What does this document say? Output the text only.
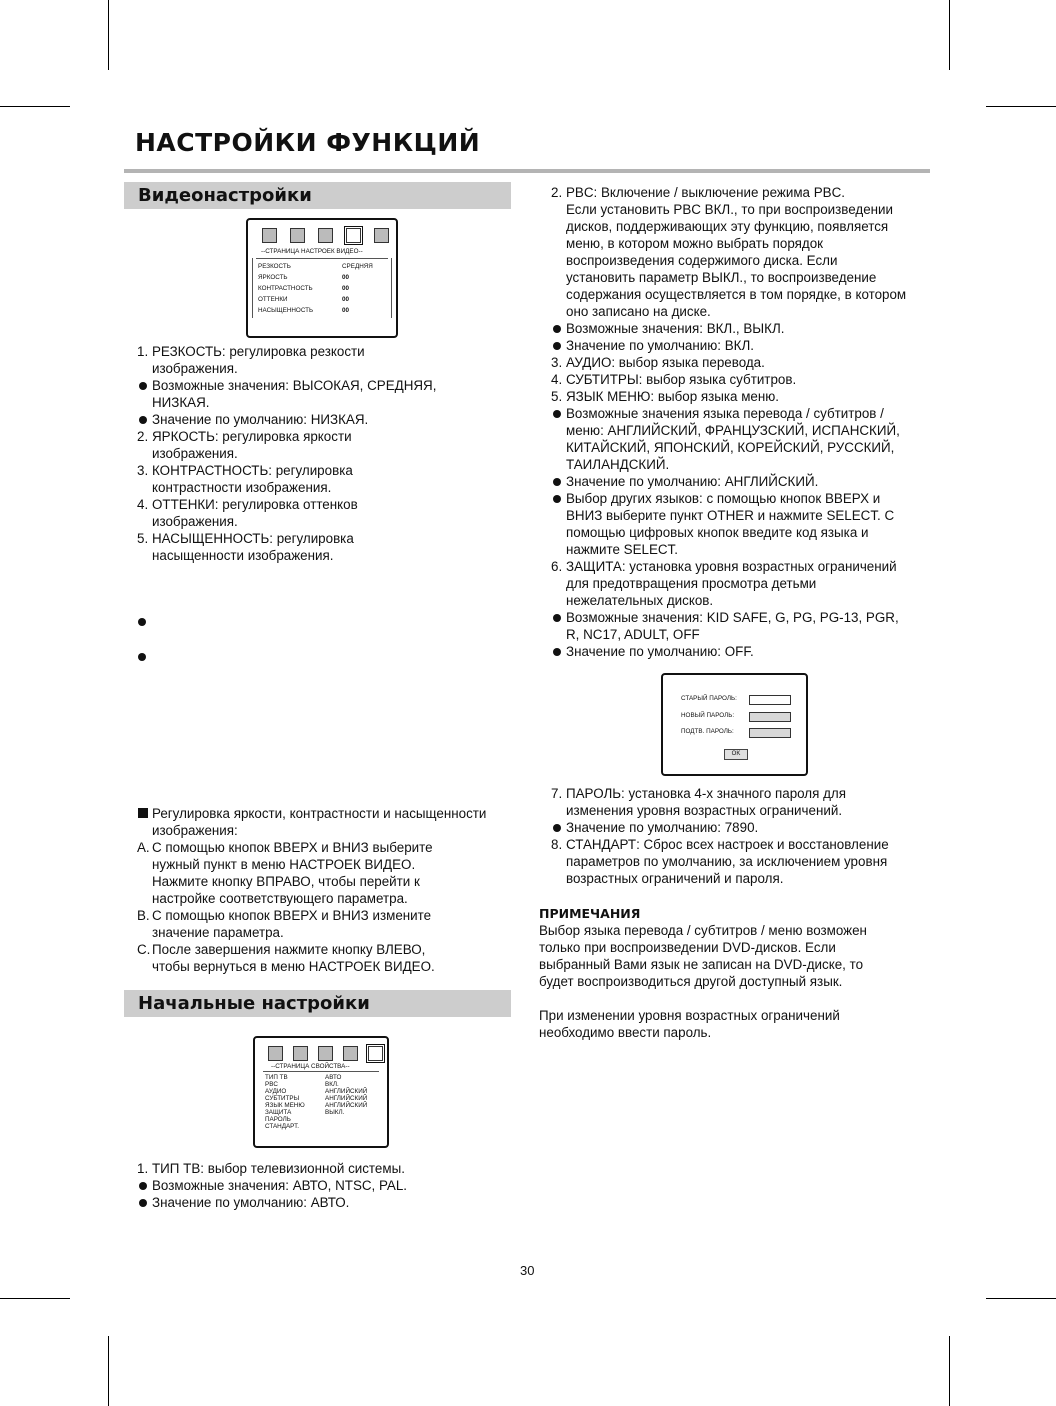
НАСТРОЙКИ ФУНКЦИЙ
Видеонастройки
--СТРАНИЦА НАСТРОЕК ВИДЕО--
РЕЗКОСТЬ	СРЕДНЯЯ
ЯРКОСТЬ	00
КОНТРАСТНОСТЬ	00
ОТТЕНКИ	00
НАСЫЩЕННОСТЬ	00
1. РЕЗКОСТЬ: регулировка резкости

изображения.

Возможные значения: ВЫСОКАЯ, СРЕДНЯЯ,

НИЗКАЯ.

Значение по умолчанию: НИЗКАЯ.

2. ЯРКОСТЬ: регулировка яркости

изображения.

3. КОНТРАСТНОСТЬ: регулировка

контрастности изображения.

4. ОТТЕНКИ: регулировка оттенков

изображения.

5. НАСЫЩЕННОСТЬ: регулировка

насыщенности изображения.

Регулировка яркости, контрастности и насыщенности

изображения:

A. С помощью кнопок ВВЕРХ и ВНИЗ выберите

нужный пункт в меню НАСТРОЕК ВИДЕО.

Нажмите кнопку ВПРАВО, чтобы перейти к

настройке соответствующего параметра.

B. С помощью кнопок ВВЕРХ и ВНИЗ измените

значение параметра.

C. После завершения нажмите кнопку ВЛЕВО,

чтобы вернуться в меню НАСТРОЕК ВИДЕО.

Начальные настройки
--СТРАНИЦА СВОЙСТВА--
ТИП ТВ	АВТО
PBC	ВКЛ.
АУДИО	АНГЛИЙСКИЙ
СУБТИТРЫ	АНГЛИЙСКИЙ
ЯЗЫК МЕНЮ	АНГЛИЙСКИЙ
ЗАЩИТА	ВЫКЛ.
ПАРОЛЬ
СТАНДАРТ.
1. ТИП ТВ: выбор телевизионной системы.

Возможные значения: АВТО, NTSC, PAL.

Значение по умолчанию: АВТО.

2. PBC: Включение / выключение режима PBC.

Если установить PBC ВКЛ., то при воспроизведении

дисков, поддерживающих эту функцию, появляется

меню, в котором можно выбрать порядок

воспроизведения содержимого диска. Если

установить параметр ВЫКЛ., то воспроизведение

содержания осуществляется в том порядке, в котором

оно записано на диске.

Возможные значения: ВКЛ., ВЫКЛ.

Значение по умолчанию: ВКЛ.

3. АУДИО: выбор языка перевода.

4. СУБТИТРЫ: выбор языка субтитров.

5. ЯЗЫК МЕНЮ: выбор языка меню.

Возможные значения языка перевода / субтитров /

меню: АНГЛИЙСКИЙ, ФРАНЦУЗСКИЙ, ИСПАНСКИЙ,

КИТАЙСКИЙ, ЯПОНСКИЙ, КОРЕЙСКИЙ, РУССКИЙ,

ТАИЛАНДСКИЙ.

Значение по умолчанию: АНГЛИЙСКИЙ.

Выбор других языков: с помощью кнопок ВВЕРХ и

ВНИЗ выберите пункт OTHER и нажмите SELECT. С

помощью цифровых кнопок введите код языка и

нажмите SELECT.

6. ЗАЩИТА: установка уровня возрастных ограничений

для предотвращения просмотра детьми

нежелательных дисков.

Возможные значения: KID SAFE, G, PG, PG-13, PGR,

R, NC17, ADULT, OFF

Значение по умолчанию: OFF.

СТАРЫЙ ПАРОЛЬ:
НОВЫЙ ПАРОЛЬ:
ПОДТВ. ПАРОЛЬ:
OK
7. ПАРОЛЬ: установка 4-х значного пароля для

изменения уровня возрастных ограничений.

Значение по умолчанию: 7890.

8. СТАНДАРТ: Сброс всех настроек и восстановление

параметров по умолчанию, за исключением уровня

возрастных ограничений и пароля.

ПРИМЕЧАНИЯ

Выбор языка перевода / субтитров / меню возможен

только при воспроизведении DVD-дисков. Если

выбранный Вами язык не записан на DVD-диске, то

будет воспроизводиться другой доступный язык.

При изменении уровня возрастных ограничений

необходимо ввести пароль.

30
